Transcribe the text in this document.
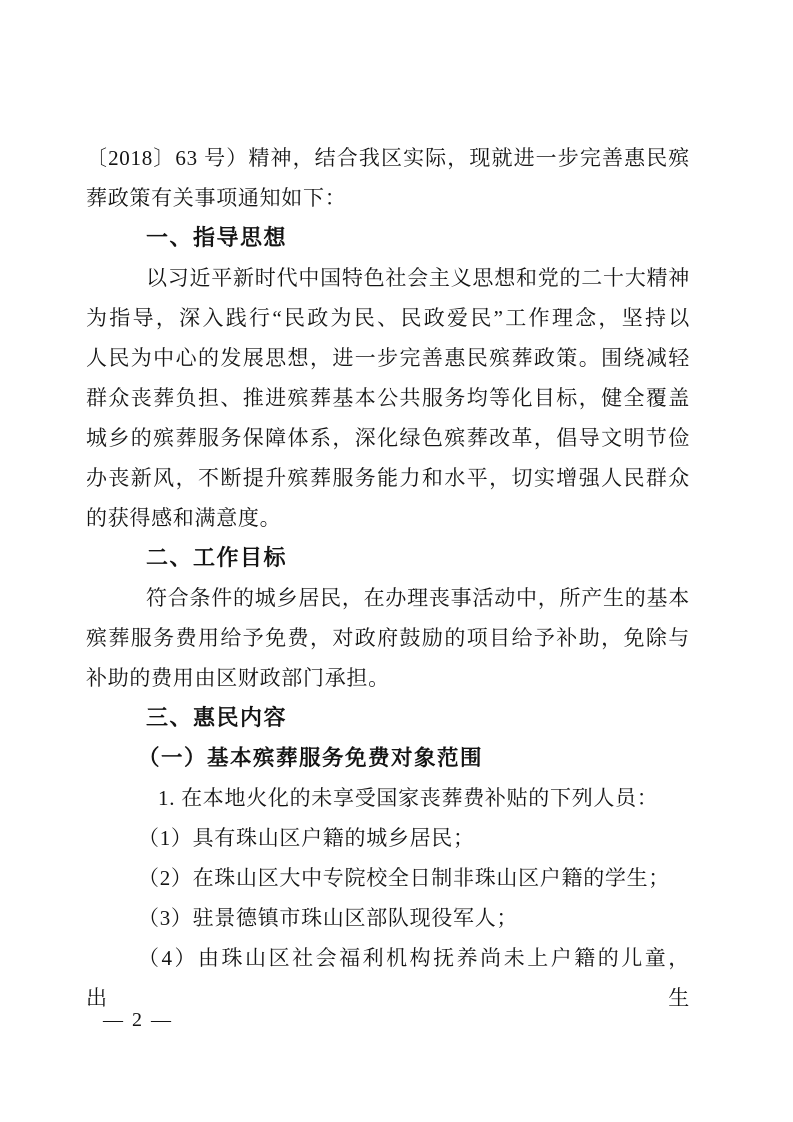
〔2018〕63 号）精神，结合我区实际，现就进一步完善惠民殡
葬政策有关事项通知如下：
一、指导思想
以习近平新时代中国特色社会主义思想和党的二十大精神
为指导，深入践行“民政为民、民政爱民”工作理念，坚持以
人民为中心的发展思想，进一步完善惠民殡葬政策。围绕减轻
群众丧葬负担、推进殡葬基本公共服务均等化目标，健全覆盖
城乡的殡葬服务保障体系，深化绿色殡葬改革，倡导文明节俭
办丧新风，不断提升殡葬服务能力和水平，切实增强人民群众
的获得感和满意度。
二、工作目标
符合条件的城乡居民，在办理丧事活动中，所产生的基本
殡葬服务费用给予免费，对政府鼓励的项目给予补助，免除与
补助的费用由区财政部门承担。
三、惠民内容
（一）基本殡葬服务免费对象范围
1. 在本地火化的未享受国家丧葬费补贴的下列人员：
（1）具有珠山区户籍的城乡居民；
（2）在珠山区大中专院校全日制非珠山区户籍的学生；
（3）驻景德镇市珠山区部队现役军人；
（4）由珠山区社会福利机构抚养尚未上户籍的儿童，出生
— 2 —
